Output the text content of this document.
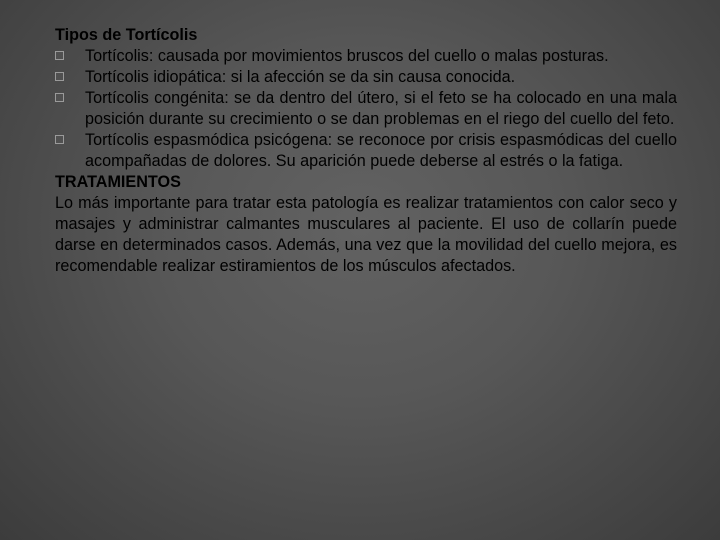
Tipos de Tortícolis
Tortícolis: causada por movimientos bruscos del cuello o malas posturas.
Tortícolis idiopática: si la afección se da sin causa conocida.
Tortícolis congénita: se da dentro del útero, si el feto se ha colocado en una mala posición durante su crecimiento o se dan problemas en el riego del cuello del feto.
Tortícolis espasmódica psicógena: se reconoce por crisis espasmódicas del cuello acompañadas de dolores. Su aparición puede deberse al estrés o la fatiga.
TRATAMIENTOS

Lo más importante para tratar esta patología es realizar tratamientos con calor seco y masajes y administrar calmantes musculares al paciente. El uso de collarín puede darse en determinados casos. Además, una vez que la movilidad del cuello mejora, es recomendable realizar estiramientos de los músculos afectados.
